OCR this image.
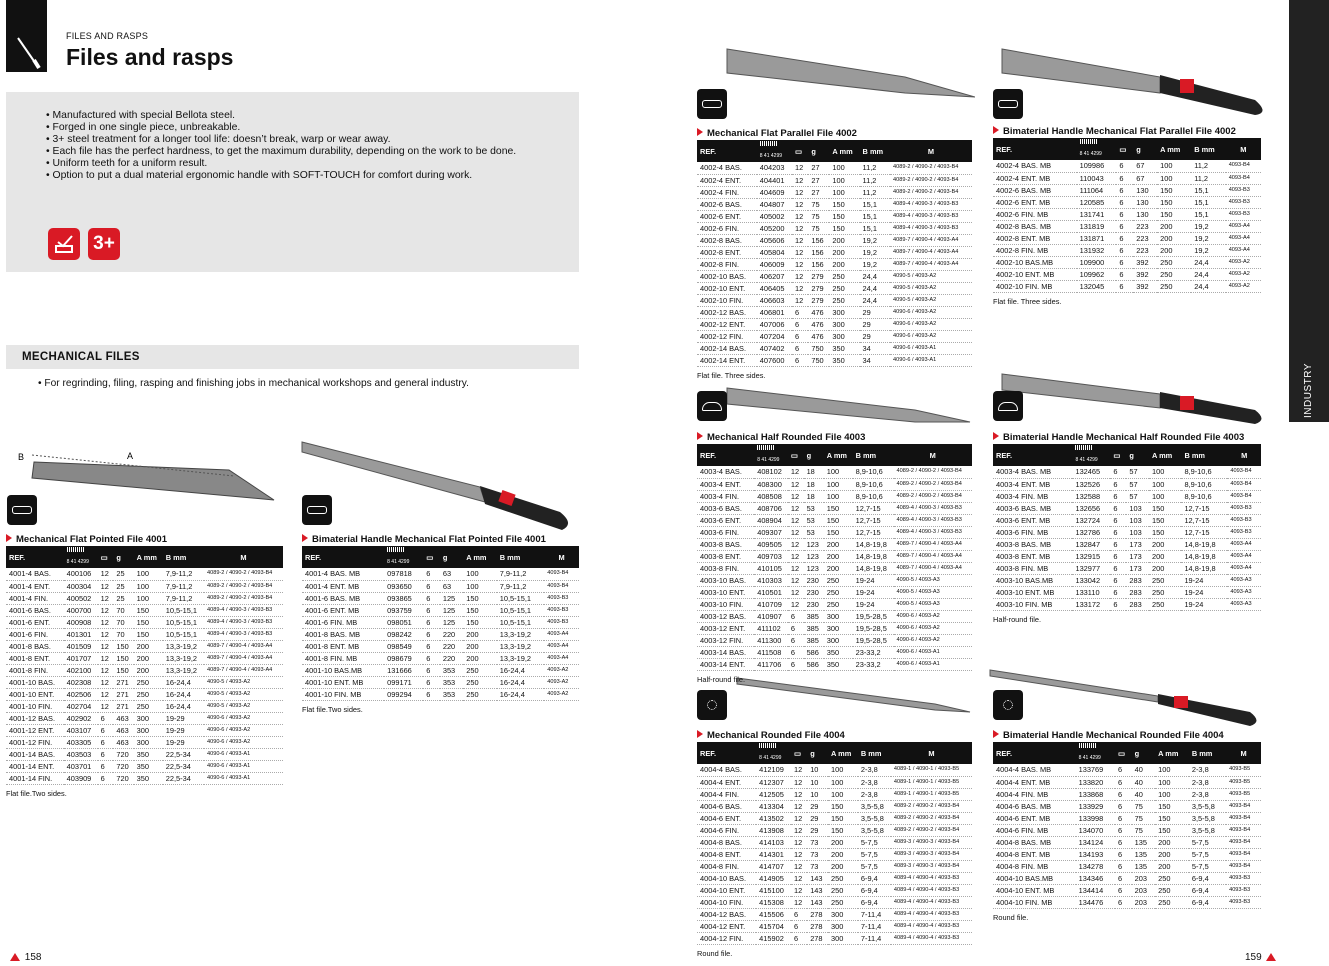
FILES AND RASPS
Files and rasps
• Manufactured with special Bellota steel.
• Forged in one single piece, unbreakable.
• 3+ steel treatment for a longer tool life: doesn’t break, warp or wear away.
• Each file has the perfect hardness, to get the maximum durability, depending on the work to be done.
• Uniform teeth for a uniform result.
• Option to put a dual material ergonomic handle with SOFT-TOUCH for comfort during work.
3+
MECHANICAL FILES
• For regrinding, filing, rasping and finishing jobs in mechanical workshops and general industry.	INDUSTRY
B	A
Mechanical Flat Pointed File 4001
REF.	8 41 4299	▭	g	A mm	B mm	M
4001-4 BAS.	400106	12	25	100	7,9-11,2	4089-2 / 4090-2 / 4093-B4
4001-4 ENT.	400304	12	25	100	7,9-11,2	4089-2 / 4090-2 / 4093-B4
4001-4 FIN.	400502	12	25	100	7,9-11,2	4089-2 / 4090-2 / 4093-B4
4001-6 BAS.	400700	12	70	150	10,5-15,1	4089-4 / 4090-3 / 4093-B3
4001-6 ENT.	400908	12	70	150	10,5-15,1	4089-4 / 4090-3 / 4093-B3
4001-6 FIN.	401301	12	70	150	10,5-15,1	4089-4 / 4090-3 / 4093-B3
4001-8 BAS.	401509	12	150	200	13,3-19,2	4089-7 / 4090-4 / 4093-A4
4001-8 ENT.	401707	12	150	200	13,3-19,2	4089-7 / 4090-4 / 4093-A4
4001-8 FIN.	402100	12	150	200	13,3-19,2	4089-7 / 4090-4 / 4093-A4
4001-10 BAS.	402308	12	271	250	16-24,4	4090-5 / 4093-A2
4001-10 ENT.	402506	12	271	250	16-24,4	4090-5 / 4093-A2
4001-10 FIN.	402704	12	271	250	16-24,4	4090-5 / 4093-A2
4001-12 BAS.	402902	6	463	300	19-29	4090-6 / 4093-A2
4001-12 ENT.	403107	6	463	300	19-29	4090-6 / 4093-A2
4001-12 FIN.	403305	6	463	300	19-29	4090-6 / 4093-A2
4001-14 BAS.	403503	6	720	350	22,5-34	4090-6 / 4093-A1
4001-14 ENT.	403701	6	720	350	22,5-34	4090-6 / 4093-A1
4001-14 FIN.	403909	6	720	350	22,5-34	4090-6 / 4093-A1
Flat file.Two sides.
Bimaterial Handle Mechanical Flat Pointed File 4001
REF.	8 41 4299	▭	g	A mm	B mm	M
4001-4 BAS. MB	097818	6	63	100	7,9-11,2	4093-B4
4001-4 ENT. MB	093650	6	63	100	7,9-11,2	4093-B4
4001-6 BAS. MB	093865	6	125	150	10,5-15,1	4093-B3
4001-6 ENT. MB	093759	6	125	150	10,5-15,1	4093-B3
4001-6 FIN. MB	098051	6	125	150	10,5-15,1	4093-B3
4001-8 BAS. MB	098242	6	220	200	13,3-19,2	4093-A4
4001-8 ENT. MB	098549	6	220	200	13,3-19,2	4093-A4
4001-8 FIN. MB	098679	6	220	200	13,3-19,2	4093-A4
4001-10 BAS.MB	131666	6	353	250	16-24,4	4093-A2
4001-10 ENT. MB	099171	6	353	250	16-24,4	4093-A2
4001-10 FIN. MB	099294	6	353	250	16-24,4	4093-A2
Flat file.Two sides.
Mechanical Flat Parallel File 4002
REF.	8 41 4299	▭	g	A mm	B mm	M
4002-4 BAS.	404203	12	27	100	11,2	4089-2 / 4090-2 / 4093-B4
4002-4 ENT.	404401	12	27	100	11,2	4089-2 / 4090-2 / 4093-B4
4002-4 FIN.	404609	12	27	100	11,2	4089-2 / 4090-2 / 4093-B4
4002-6 BAS.	404807	12	75	150	15,1	4089-4 / 4090-3 / 4093-B3
4002-6 ENT.	405002	12	75	150	15,1	4089-4 / 4090-3 / 4093-B3
4002-6 FIN.	405200	12	75	150	15,1	4089-4 / 4090-3 / 4093-B3
4002-8 BAS.	405606	12	156	200	19,2	4089-7 / 4090-4 / 4093-A4
4002-8 ENT.	405804	12	156	200	19,2	4089-7 / 4090-4 / 4093-A4
4002-8 FIN.	406009	12	156	200	19,2	4089-7 / 4090-4 / 4093-A4
4002-10 BAS.	406207	12	279	250	24,4	4090-5 / 4093-A2
4002-10 ENT.	406405	12	279	250	24,4	4090-5 / 4093-A2
4002-10 FIN.	406603	12	279	250	24,4	4090-5 / 4093-A2
4002-12 BAS.	406801	6	476	300	29	4090-6 / 4093-A2
4002-12 ENT.	407006	6	476	300	29	4090-6 / 4093-A2
4002-12 FIN.	407204	6	476	300	29	4090-6 / 4093-A2
4002-14 BAS.	407402	6	750	350	34	4090-6 / 4093-A1
4002-14 ENT.	407600	6	750	350	34	4090-6 / 4093-A1
Flat file. Three sides.
Bimaterial Handle Mechanical Flat Parallel File 4002
REF.	8 41 4299	▭	g	A mm	B mm	M
4002-4 BAS. MB	109986	6	67	100	11,2	4093-B4
4002-4 ENT. MB	110043	6	67	100	11,2	4093-B4
4002-6 BAS. MB	111064	6	130	150	15,1	4093-B3
4002-6 ENT. MB	120585	6	130	150	15,1	4093-B3
4002-6 FIN. MB	131741	6	130	150	15,1	4093-B3
4002-8 BAS. MB	131819	6	223	200	19,2	4093-A4
4002-8 ENT. MB	131871	6	223	200	19,2	4093-A4
4002-8 FIN. MB	131932	6	223	200	19,2	4093-A4
4002-10 BAS.MB	109900	6	392	250	24,4	4093-A2
4002-10 ENT. MB	109962	6	392	250	24,4	4093-A2
4002-10 FIN. MB	132045	6	392	250	24,4	4093-A2
Flat file. Three sides.
Mechanical Half Rounded File 4003
REF.	8 41 4299	▭	g	A mm	B mm	M
4003-4 BAS.	408102	12	18	100	8,9-10,6	4089-2 / 4090-2 / 4093-B4
4003-4 ENT.	408300	12	18	100	8,9-10,6	4089-2 / 4090-2 / 4093-B4
4003-4 FIN.	408508	12	18	100	8,9-10,6	4089-2 / 4090-2 / 4093-B4
4003-6 BAS.	408706	12	53	150	12,7-15	4089-4 / 4090-3 / 4093-B3
4003-6 ENT.	408904	12	53	150	12,7-15	4089-4 / 4090-3 / 4093-B3
4003-6 FIN.	409307	12	53	150	12,7-15	4089-4 / 4090-3 / 4093-B3
4003-8 BAS.	409505	12	123	200	14,8-19,8	4089-7 / 4090-4 / 4093-A4
4003-8 ENT.	409703	12	123	200	14,8-19,8	4089-7 / 4090-4 / 4093-A4
4003-8 FIN.	410105	12	123	200	14,8-19,8	4089-7 / 4090-4 / 4093-A4
4003-10 BAS.	410303	12	230	250	19-24	4090-5 / 4093-A3
4003-10 ENT.	410501	12	230	250	19-24	4090-5 / 4093-A3
4003-10 FIN.	410709	12	230	250	19-24	4090-5 / 4093-A3
4003-12 BAS.	410907	6	385	300	19,5-28,5	4090-6 / 4093-A2
4003-12 ENT.	411102	6	385	300	19,5-28,5	4090-6 / 4093-A2
4003-12 FIN.	411300	6	385	300	19,5-28,5	4090-6 / 4093-A2
4003-14 BAS.	411508	6	586	350	23-33,2	4090-6 / 4093-A1
4003-14 ENT.	411706	6	586	350	23-33,2	4090-6 / 4093-A1
Half-round file.
Bimaterial Handle Mechanical Half Rounded File 4003
REF.	8 41 4299	▭	g	A mm	B mm	M
4003-4 BAS. MB	132465	6	57	100	8,9-10,6	4093-B4
4003-4 ENT. MB	132526	6	57	100	8,9-10,6	4093-B4
4003-4 FIN. MB	132588	6	57	100	8,9-10,6	4093-B4
4003-6 BAS. MB	132656	6	103	150	12,7-15	4093-B3
4003-6 ENT. MB	132724	6	103	150	12,7-15	4093-B3
4003-6 FIN. MB	132786	6	103	150	12,7-15	4093-B3
4003-8 BAS. MB	132847	6	173	200	14,8-19,8	4093-A4
4003-8 ENT. MB	132915	6	173	200	14,8-19,8	4093-A4
4003-8 FIN. MB	132977	6	173	200	14,8-19,8	4093-A4
4003-10 BAS.MB	133042	6	283	250	19-24	4093-A3
4003-10 ENT. MB	133110	6	283	250	19-24	4093-A3
4003-10 FIN. MB	133172	6	283	250	19-24	4093-A3
Half-round file.
Mechanical Rounded File 4004
REF.	8 41 4299	▭	g	A mm	B mm	M
4004-4 BAS.	412109	12	10	100	2-3,8	4089-1 / 4090-1 / 4093-B5
4004-4 ENT.	412307	12	10	100	2-3,8	4089-1 / 4090-1 / 4093-B5
4004-4 FIN.	412505	12	10	100	2-3,8	4089-1 / 4090-1 / 4093-B5
4004-6 BAS.	413304	12	29	150	3,5-5,8	4089-2 / 4090-2 / 4093-B4
4004-6 ENT.	413502	12	29	150	3,5-5,8	4089-2 / 4090-2 / 4093-B4
4004-6 FIN.	413908	12	29	150	3,5-5,8	4089-2 / 4090-2 / 4093-B4
4004-8 BAS.	414103	12	73	200	5-7,5	4089-3 / 4090-3 / 4093-B4
4004-8 ENT.	414301	12	73	200	5-7,5	4089-3 / 4090-3 / 4093-B4
4004-8 FIN.	414707	12	73	200	5-7,5	4089-3 / 4090-3 / 4093-B4
4004-10 BAS.	414905	12	143	250	6-9,4	4089-4 / 4090-4 / 4093-B3
4004-10 ENT.	415100	12	143	250	6-9,4	4089-4 / 4090-4 / 4093-B3
4004-10 FIN.	415308	12	143	250	6-9,4	4089-4 / 4090-4 / 4093-B3
4004-12 BAS.	415506	6	278	300	7-11,4	4089-4 / 4090-4 / 4093-B3
4004-12 ENT.	415704	6	278	300	7-11,4	4089-4 / 4090-4 / 4093-B3
4004-12 FIN.	415902	6	278	300	7-11,4	4089-4 / 4090-4 / 4093-B3
Round file.
Bimaterial Handle Mechanical Rounded File 4004
REF.	8 41 4299	▭	g	A mm	B mm	M
4004-4 BAS. MB	133769	6	40	100	2-3,8	4093-B5
4004-4 ENT. MB	133820	6	40	100	2-3,8	4093-B5
4004-4 FIN. MB	133868	6	40	100	2-3,8	4093-B5
4004-6 BAS. MB	133929	6	75	150	3,5-5,8	4093-B4
4004-6 ENT. MB	133998	6	75	150	3,5-5,8	4093-B4
4004-6 FIN. MB	134070	6	75	150	3,5-5,8	4093-B4
4004-8 BAS. MB	134124	6	135	200	5-7,5	4093-B4
4004-8 ENT. MB	134193	6	135	200	5-7,5	4093-B4
4004-8 FIN. MB	134278	6	135	200	5-7,5	4093-B4
4004-10 BAS.MB	134346	6	203	250	6-9,4	4093-B3
4004-10 ENT. MB	134414	6	203	250	6-9,4	4093-B3
4004-10 FIN. MB	134476	6	203	250	6-9,4	4093-B3
Round file.
158	159
